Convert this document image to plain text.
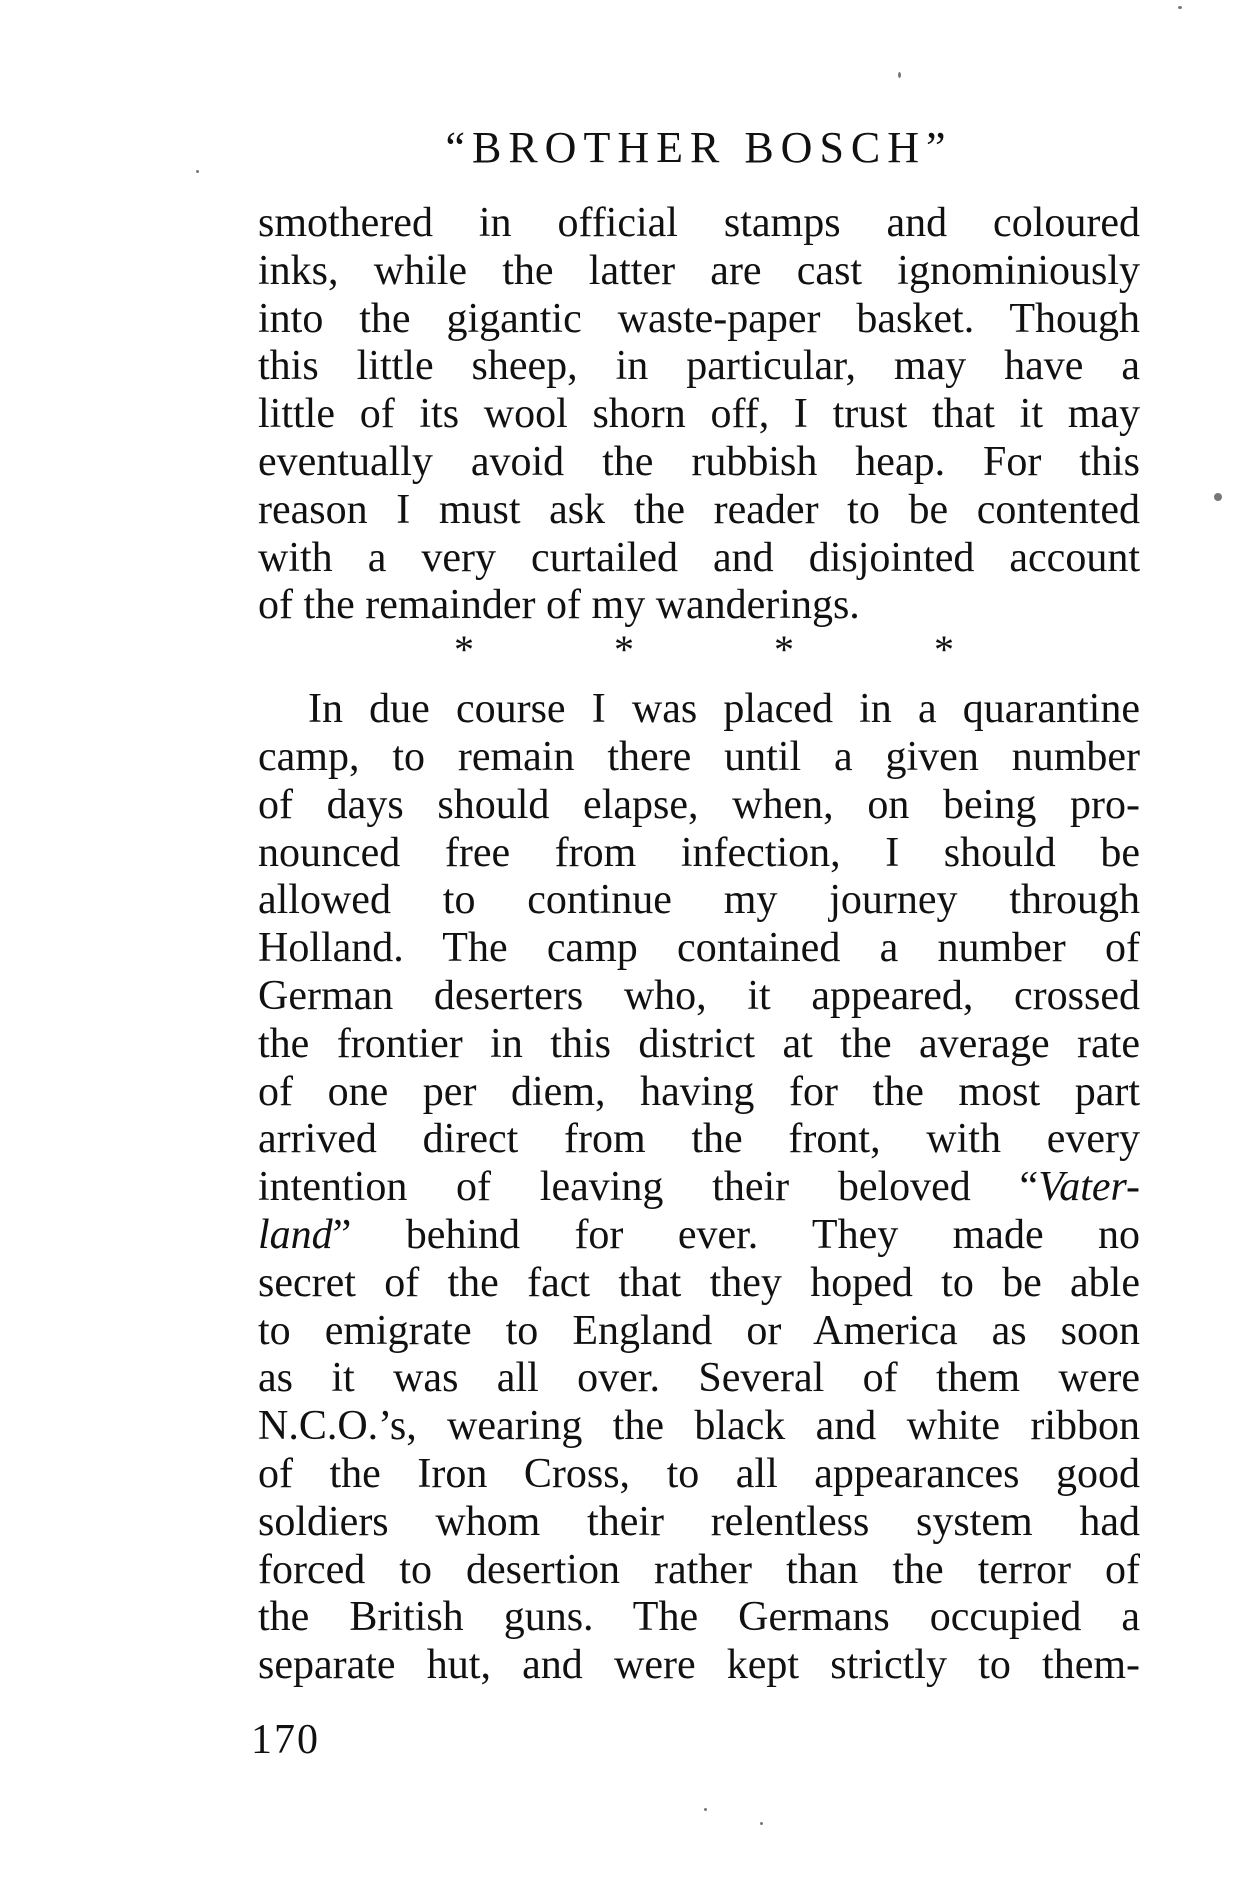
“BROTHER BOSCH”
smothered in official stamps and coloured
inks, while the latter are cast ignominiously
into the gigantic waste-paper basket. Though
this little sheep, in particular, may have a
little of its wool shorn off, I trust that it may
eventually avoid the rubbish heap. For this
reason I must ask the reader to be contented
with a very curtailed and disjointed account
of the remainder of my wanderings.
*	*	*	*
In due course I was placed in a quarantine
camp, to remain there until a given number
of days should elapse, when, on being pro-
nounced free from infection, I should be
allowed to continue my journey through
Holland. The camp contained a number of
German deserters who, it appeared, crossed
the frontier in this district at the average rate
of one per diem, having for the most part
arrived direct from the front, with every
intention of leaving their beloved “Vater-
land” behind for ever. They made no
secret of the fact that they hoped to be able
to emigrate to England or America as soon
as it was all over. Several of them were
N.C.O.’s, wearing the black and white ribbon
of the Iron Cross, to all appearances good
soldiers whom their relentless system had
forced to desertion rather than the terror of
the British guns. The Germans occupied a
separate hut, and were kept strictly to them-
170
